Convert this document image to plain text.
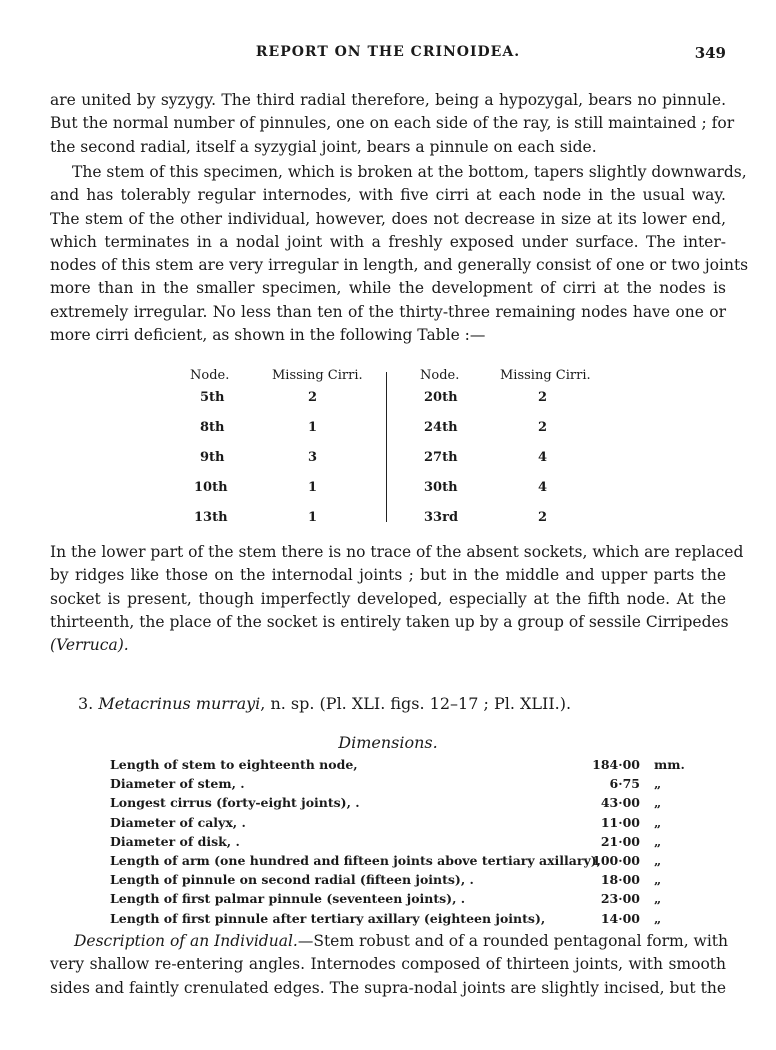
REPORT ON THE CRINOIDEA.	349
are united by syzygy. The third radial therefore, being a hypozygal, bears no pinnule.
But the normal number of pinnules, one on each side of the ray, is still maintained ; for
the second radial, itself a syzygial joint, bears a pinnule on each side.
The stem of this specimen, which is broken at the bottom, tapers slightly downwards,
and has tolerably regular internodes, with five cirri at each node in the usual way.
The stem of the other individual, however, does not decrease in size at its lower end,
which terminates in a nodal joint with a freshly exposed under surface. The inter-
nodes of this stem are very irregular in length, and generally consist of one or two joints
more than in the smaller specimen, while the development of cirri at the nodes is
extremely irregular. No less than ten of the thirty-three remaining nodes have one or
more cirri deficient, as shown in the following Table :—
Node.	Missing Cirri.	Node.	Missing Cirri.
5th	2
8th	1
9th	3
10th	1
13th	1
20th	2
24th	2
27th	4
30th	4
33rd	2
In the lower part of the stem there is no trace of the absent sockets, which are replaced
by ridges like those on the internodal joints ; but in the middle and upper parts the
socket is present, though imperfectly developed, especially at the fifth node. At the
thirteenth, the place of the socket is entirely taken up by a group of sessile Cirripedes
(Verruca).
3. Metacrinus murrayi, n. sp. (Pl. XLI. figs. 12–17 ; Pl. XLII.).
Dimensions.
Length of stem to eighteenth node,	184·00 mm.
Diameter of stem, .	6·75 „
Longest cirrus (forty-eight joints), .	43·00 „
Diameter of calyx, .	11·00 „
Diameter of disk, .	21·00 „
Length of arm (one hundred and fifteen joints above tertiary axillary),
100·00 „
Length of pinnule on second radial (fifteen joints), .	18·00 „
Length of first palmar pinnule (seventeen joints), .	23·00 „
Length of first pinnule after tertiary axillary (eighteen joints),	14·00 „
Description of an Individual.—Stem robust and of a rounded pentagonal form, with
very shallow re-entering angles. Internodes composed of thirteen joints, with smooth
sides and faintly crenulated edges. The supra-nodal joints are slightly incised, but the
